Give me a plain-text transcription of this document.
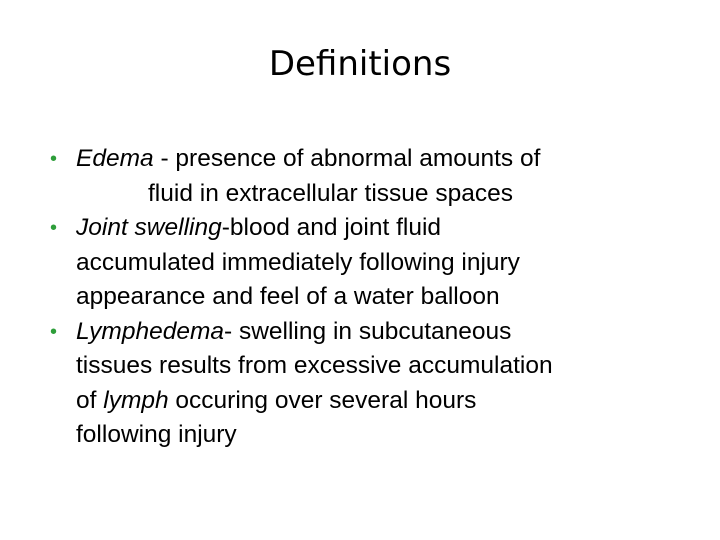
Definitions
• Edema - presence of abnormal amounts of
fluid in extracellular tissue spaces
• Joint swelling-blood and joint fluid
accumulated immediately following injury
appearance and feel of a water balloon
• Lymphedema- swelling in subcutaneous
tissues results from excessive accumulation
of lymph occuring over several hours
following injury
